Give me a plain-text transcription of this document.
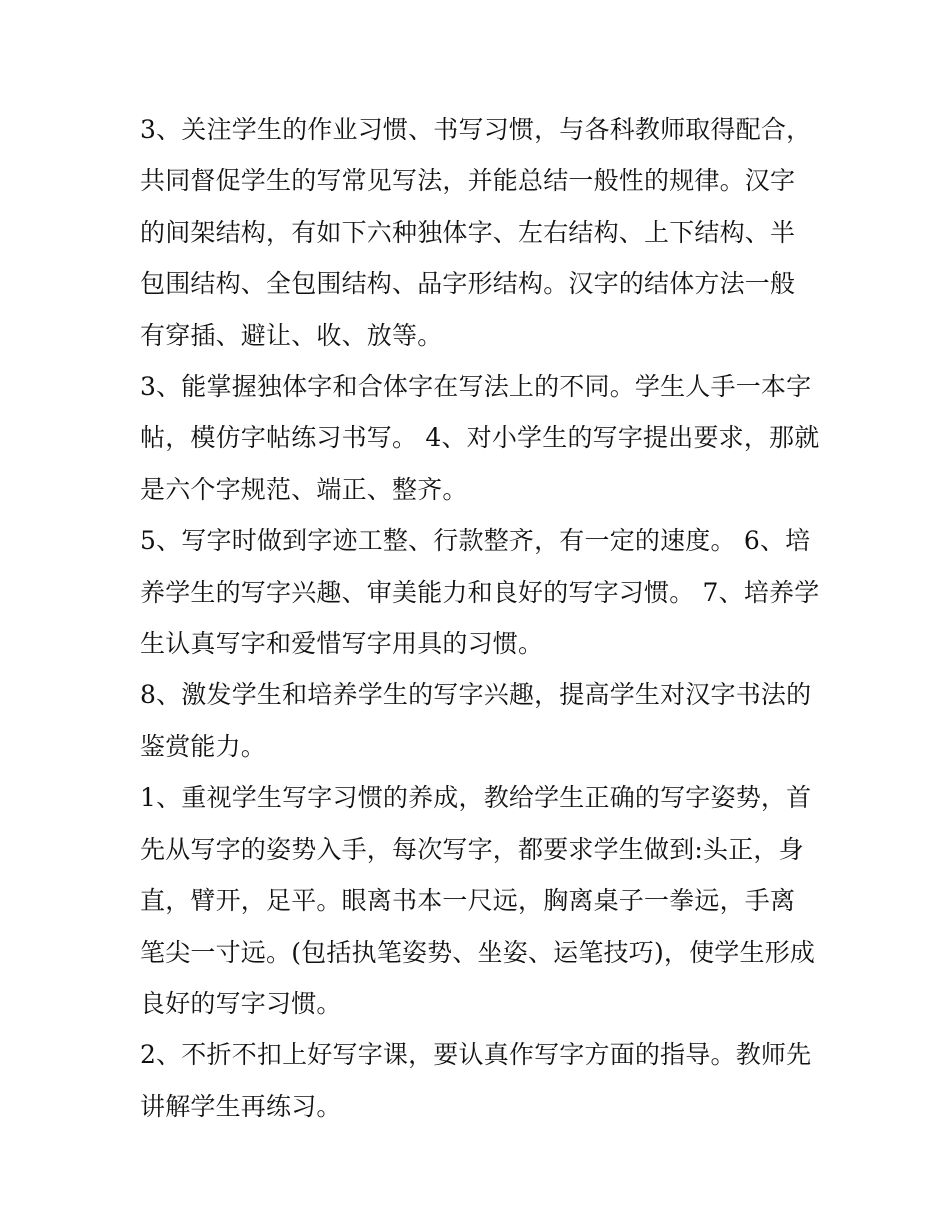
3、关注学生的作业习惯、书写习惯，与各科教师取得配合，共同督促学生的写常见写法，并能总结一般性的规律。汉字的间架结构，有如下六种独体字、左右结构、上下结构、半包围结构、全包围结构、品字形结构。汉字的结体方法一般有穿插、避让、收、放等。

3、能掌握独体字和合体字在写法上的不同。学生人手一本字帖，模仿字帖练习书写。 4、对小学生的写字提出要求，那就是六个字规范、端正、整齐。

5、写字时做到字迹工整、行款整齐，有一定的速度。 6、培养学生的写字兴趣、审美能力和良好的写字习惯。 7、培养学生认真写字和爱惜写字用具的习惯。

8、激发学生和培养学生的写字兴趣，提高学生对汉字书法的鉴赏能力。

1、重视学生写字习惯的养成，教给学生正确的写字姿势，首先从写字的姿势入手，每次写字，都要求学生做到:头正，身直，臂开，足平。眼离书本一尺远，胸离桌子一拳远，手离笔尖一寸远。(包括执笔姿势、坐姿、运笔技巧)，使学生形成良好的写字习惯。

2、不折不扣上好写字课，要认真作写字方面的指导。教师先讲解学生再练习。
